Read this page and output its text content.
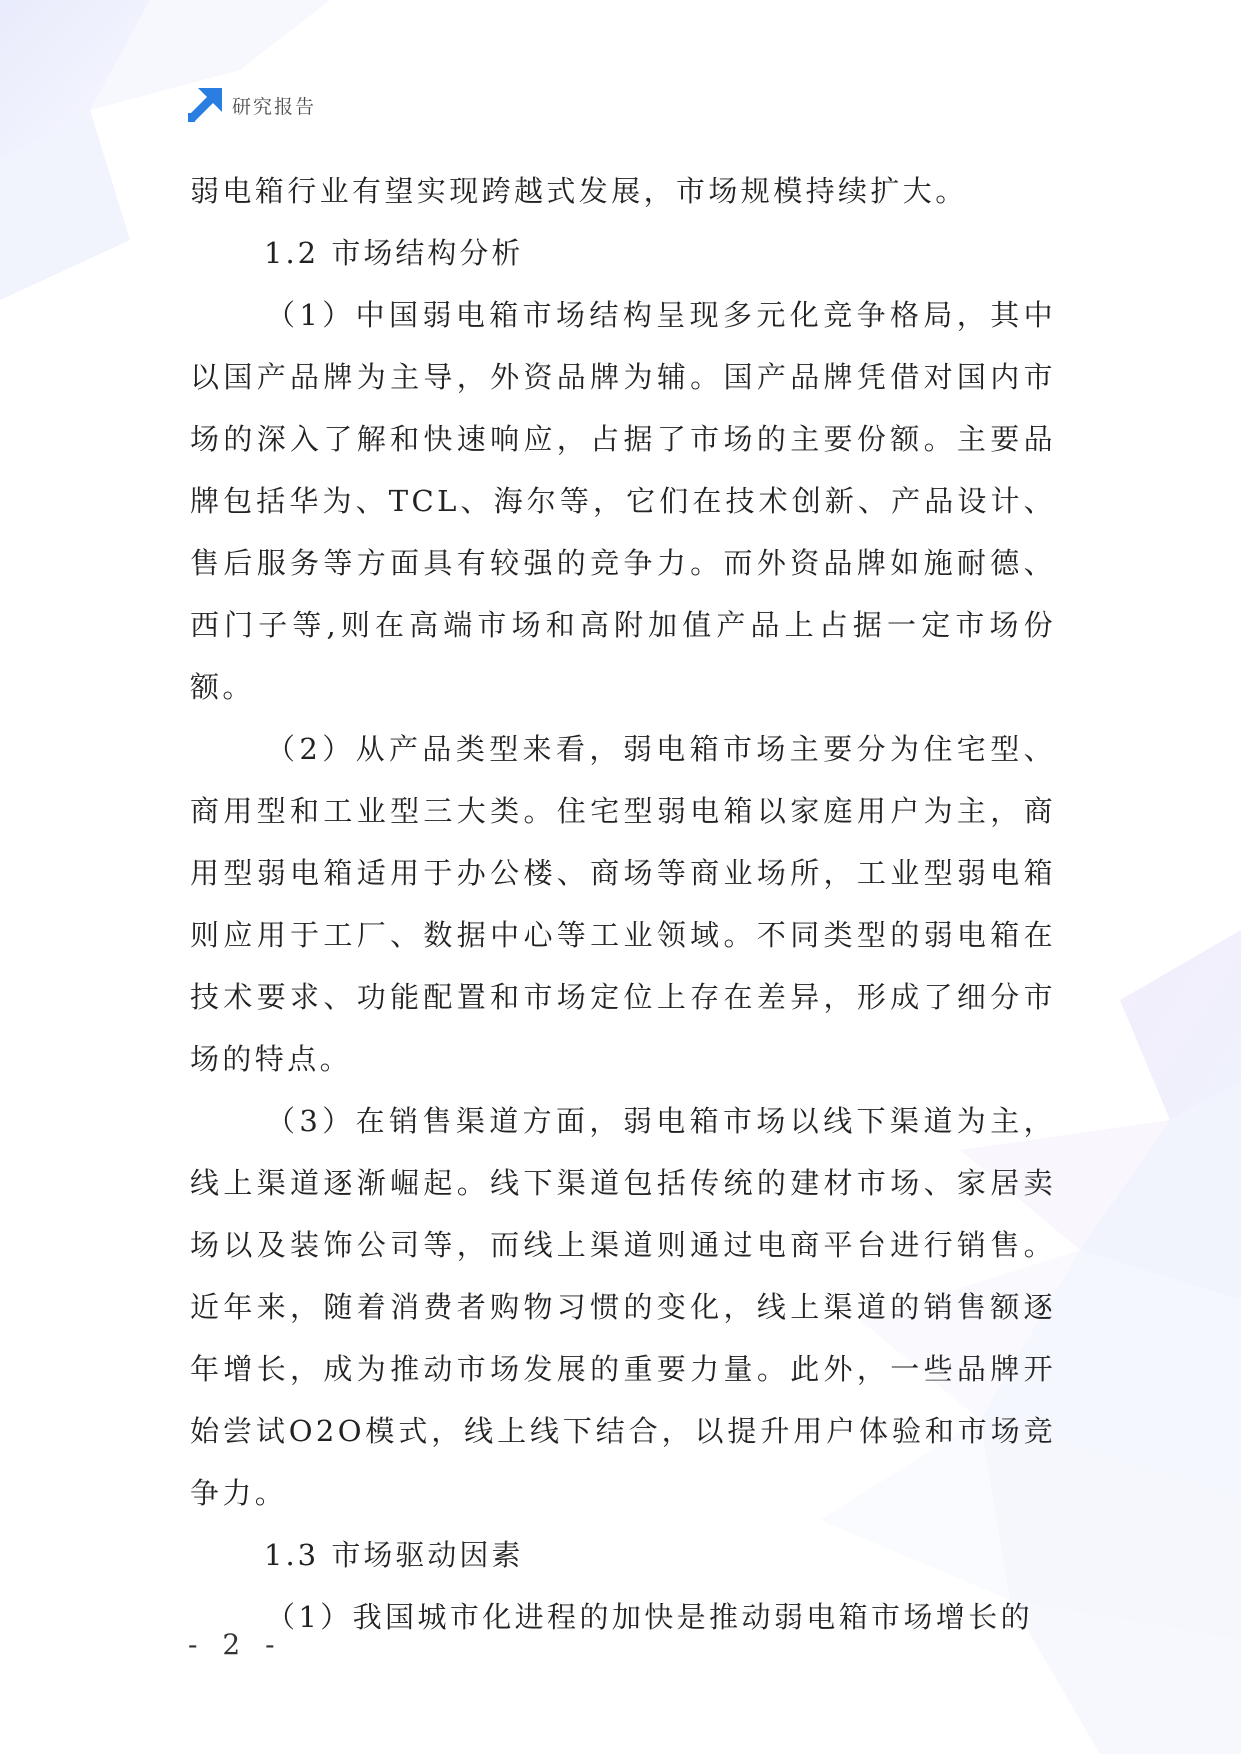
研究报告

弱电箱行业有望实现跨越式发展，市场规模持续扩大。

1.2 市场结构分析

（1）中国弱电箱市场结构呈现多元化竞争格局，其中以国产品牌为主导，外资品牌为辅。国产品牌凭借对国内市场的深入了解和快速响应，占据了市场的主要份额。主要品牌包括华为、TCL、海尔等，它们在技术创新、产品设计、售后服务等方面具有较强的竞争力。而外资品牌如施耐德、西门子等,则在高端市场和高附加值产品上占据一定市场份额。

（2）从产品类型来看，弱电箱市场主要分为住宅型、商用型和工业型三大类。住宅型弱电箱以家庭用户为主，商用型弱电箱适用于办公楼、商场等商业场所，工业型弱电箱则应用于工厂、数据中心等工业领域。不同类型的弱电箱在技术要求、功能配置和市场定位上存在差异，形成了细分市场的特点。

（3）在销售渠道方面，弱电箱市场以线下渠道为主，线上渠道逐渐崛起。线下渠道包括传统的建材市场、家居卖场以及装饰公司等，而线上渠道则通过电商平台进行销售。近年来，随着消费者购物习惯的变化，线上渠道的销售额逐年增长，成为推动市场发展的重要力量。此外，一些品牌开始尝试O2O模式，线上线下结合，以提升用户体验和市场竞争力。

1.3 市场驱动因素

（1）我国城市化进程的加快是推动弱电箱市场增长的

- 2 -
